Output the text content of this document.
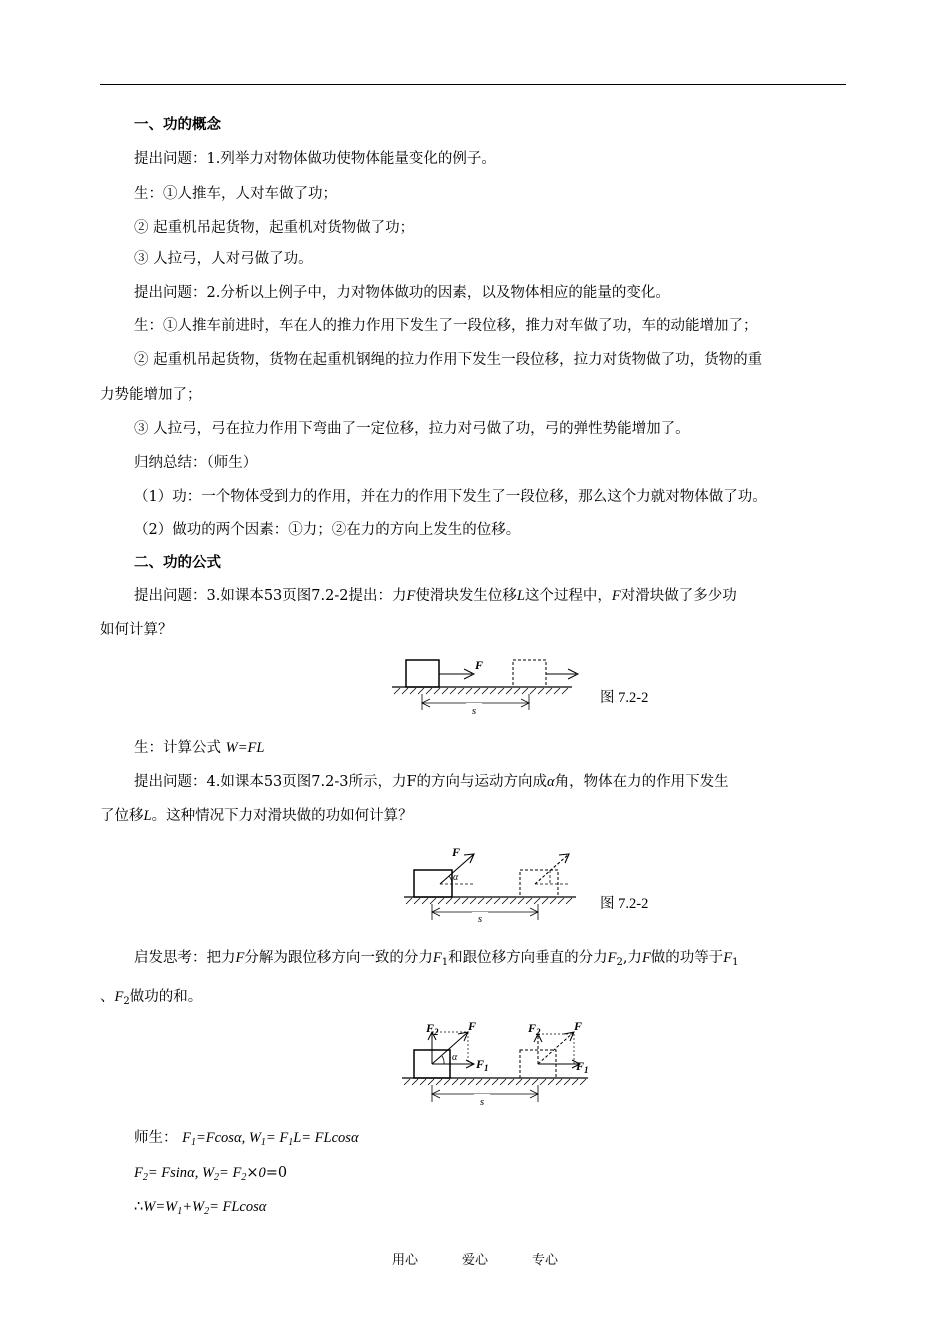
一、功的概念
提出问题：1.列举力对物体做功使物体能量变化的例子。
生：①人推车，人对车做了功；
② 起重机吊起货物，起重机对货物做了功；
③ 人拉弓，人对弓做了功。
提出问题：2.分析以上例子中，力对物体做功的因素，以及物体相应的能量的变化。
生：①人推车前进时，车在人的推力作用下发生了一段位移，推力对车做了功，车的动能增加了；
② 起重机吊起货物，货物在起重机钢绳的拉力作用下发生一段位移，拉力对货物做了功，货物的重
力势能增加了；
③ 人拉弓，弓在拉力作用下弯曲了一定位移，拉力对弓做了功，弓的弹性势能增加了。
归纳总结：（师生）
（1）功：一个物体受到力的作用，并在力的作用下发生了一段位移，那么这个力就对物体做了功。
（2）做功的两个因素：①力；②在力的方向上发生的位移。
二、功的公式
提出问题：3.如课本53页图7.2-2提出：力F使滑块发生位移L这个过程中，F对滑块做了多少功
如何计算？
s
F
图 7.2-2
生：计算公式 W=FL
提出问题：4.如课本53页图7.2-3所示，力F的方向与运动方向成α角，物体在力的作用下发生
了位移L。这种情况下力对滑块做的功如何计算？
s
F
α
图 7.2-2
启发思考：把力F分解为跟位移方向一致的分力$F_1$和跟位移方向垂直的分力$F_2$,力F做的功等于$F_1$
、$F_2$做功的和。
s
$F_2$ F
$F_1$
α
$F_2$	F
$F_1$
师生： $F_1=Fcos\alpha$, $W_1= F_1L= FLcos\alpha$
$F_2= Fsin\alpha$, $W_2= F_2\times 0=0$
$\therefore W=W_1+W_2= FLcos\alpha$
用心	爱心	专心
